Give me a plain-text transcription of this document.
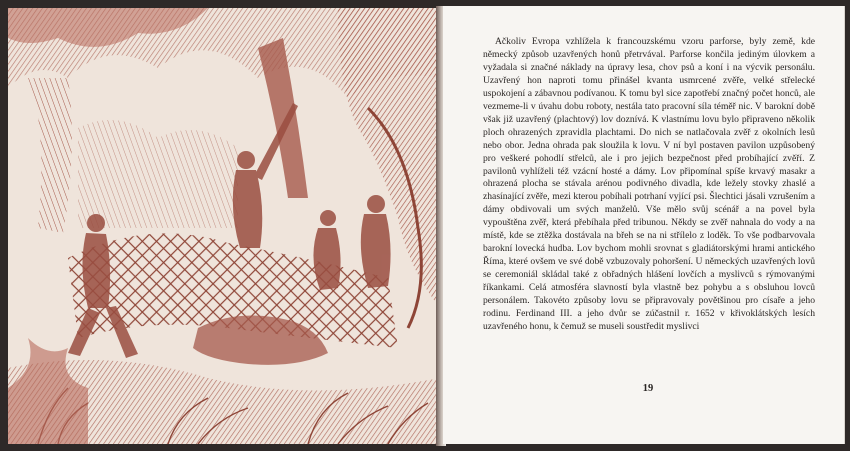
Ačkoliv Evropa vzhlížela k francouzskému vzoru parforse, byly země, kde německý způsob uzavřených honů přetrvával. Parforse končila jediným úlovkem a vyžadala si značné náklady na úpravy lesa, chov psů a koní i na výcvik personálu. Uzavřený hon naproti tomu přinášel kvanta usmrcené zvěře, velké střelecké uspokojení a zábavnou podívanou. K tomu byl sice zapotřebí značný počet honců, ale vezmeme-li v úvahu dobu roboty, nestála tato pracovní síla téměř nic. V barokní době však již uzavřený (plachtový) lov doznívá. K vlastnímu lovu bylo připraveno několik ploch ohrazených zpravidla plachtami. Do nich se natlačovala zvěř z okolních lesů nebo obor. Jedna ohrada pak sloužila k lovu. V ní byl postaven pavilon uzpůsobený pro veškeré pohodlí střelců, ale i pro jejich bezpečnost před probíhající zvěří. Z pavilonů vyhlíželi též vzácní hosté a dámy. Lov připomínal spíše krvavý masakr a ohrazená plocha se stávala arénou podivného divadla, kde ležely stovky zhaslé a zhasínající zvěře, mezi kterou pobíhali potrhaní vyjící psi. Šlechtici jásali vzrušením a dámy obdivovali um svých manželů. Vše mělo svůj scénář a na povel byla vypouštěna zvěř, která přebíhala před tribunou. Někdy se zvěř nahnala do vody a na místě, kde se ztěžka dostávala na břeh se na ni střílelo z loděk. To vše podbarvovala barokní lovecká hudba. Lov bychom mohli srovnat s gladiátorskými hrami antického Říma, které ovšem ve své době vzbuzovaly pohoršení. U německých uzavřených lovů se ceremoniál skládal také z obřadných hlášení lovčích a myslivců s rýmovanými říkankami. Celá atmosféra slavností byla vlastně bez pohybu a s obsluhou lovců personálem. Takovéto způsoby lovu se připravovaly povětšinou pro císaře a jeho rodinu. Ferdinand III. a jeho dvůr se zúčastnil r. 1652 v křivoklátských lesích uzavřeného honu, k čemuž se museli soustředit myslivci

19
